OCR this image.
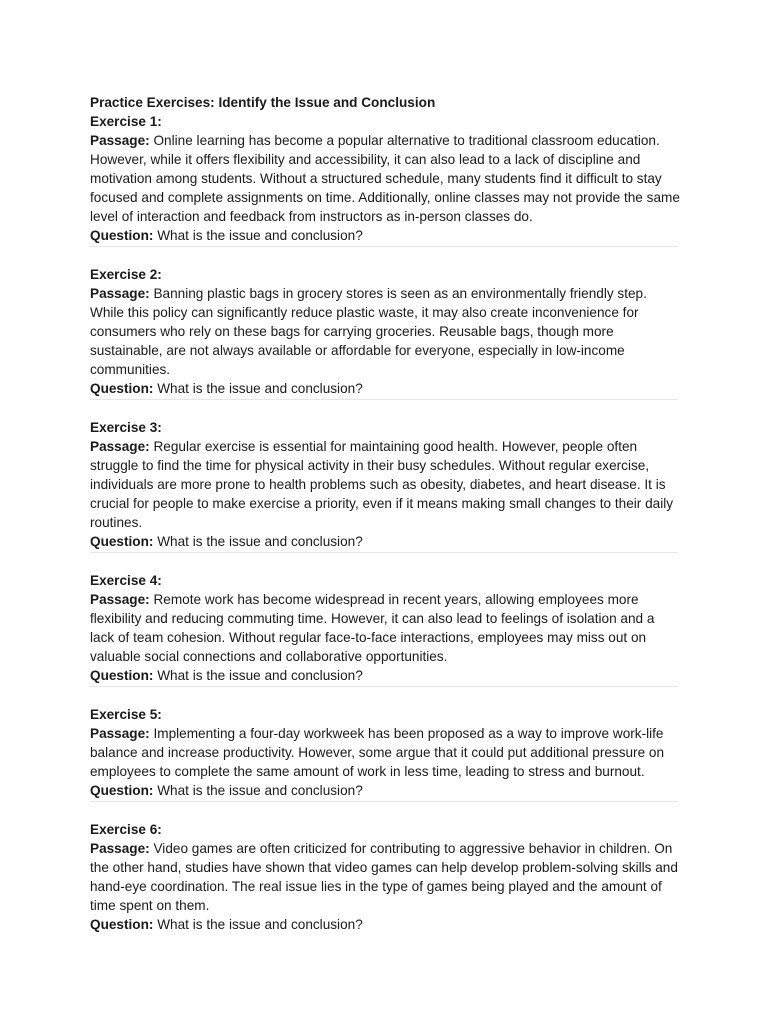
Practice Exercises: Identify the Issue and Conclusion

Exercise 1:

Passage: Online learning has become a popular alternative to traditional classroom education. However, while it offers flexibility and accessibility, it can also lead to a lack of discipline and motivation among students. Without a structured schedule, many students find it difficult to stay focused and complete assignments on time. Additionally, online classes may not provide the same level of interaction and feedback from instructors as in-person classes do.

Question: What is the issue and conclusion?

Exercise 2:

Passage: Banning plastic bags in grocery stores is seen as an environmentally friendly step. While this policy can significantly reduce plastic waste, it may also create inconvenience for consumers who rely on these bags for carrying groceries. Reusable bags, though more sustainable, are not always available or affordable for everyone, especially in low-income communities.

Question: What is the issue and conclusion?

Exercise 3:

Passage: Regular exercise is essential for maintaining good health. However, people often struggle to find the time for physical activity in their busy schedules. Without regular exercise, individuals are more prone to health problems such as obesity, diabetes, and heart disease. It is crucial for people to make exercise a priority, even if it means making small changes to their daily routines.

Question: What is the issue and conclusion?

Exercise 4:

Passage: Remote work has become widespread in recent years, allowing employees more flexibility and reducing commuting time. However, it can also lead to feelings of isolation and a lack of team cohesion. Without regular face-to-face interactions, employees may miss out on valuable social connections and collaborative opportunities.

Question: What is the issue and conclusion?

Exercise 5:

Passage: Implementing a four-day workweek has been proposed as a way to improve work-life balance and increase productivity. However, some argue that it could put additional pressure on employees to complete the same amount of work in less time, leading to stress and burnout.

Question: What is the issue and conclusion?

Exercise 6:

Passage: Video games are often criticized for contributing to aggressive behavior in children. On the other hand, studies have shown that video games can help develop problem-solving skills and hand-eye coordination. The real issue lies in the type of games being played and the amount of time spent on them.

Question: What is the issue and conclusion?
